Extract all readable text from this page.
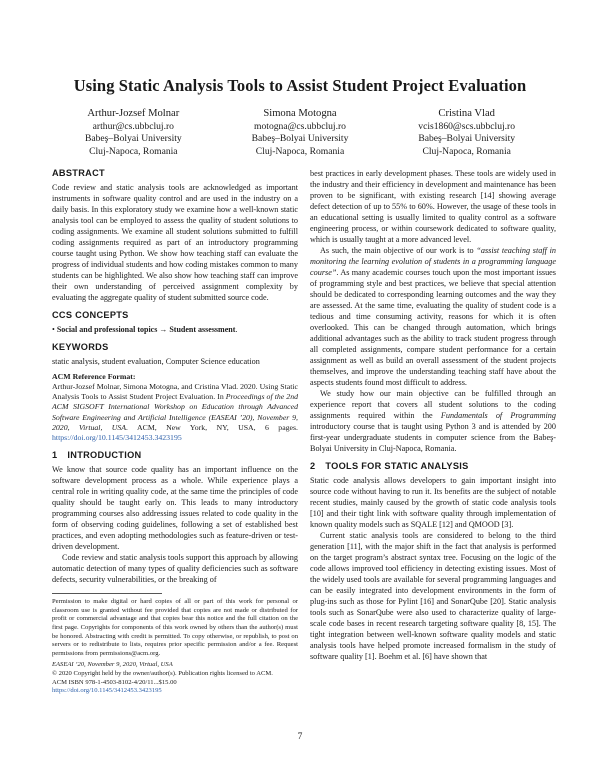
Using Static Analysis Tools to Assist Student Project Evaluation
Arthur-Jozsef Molnar
arthur@cs.ubbcluj.ro
Babeş–Bolyai University
Cluj-Napoca, Romania
Simona Motogna
motogna@cs.ubbcluj.ro
Babeş–Bolyai University
Cluj-Napoca, Romania
Cristina Vlad
vcis1860@scs.ubbcluj.ro
Babeş–Bolyai University
Cluj-Napoca, Romania
ABSTRACT

Code review and static analysis tools are acknowledged as important instruments in software quality control and are used in the industry on a daily basis. In this exploratory study we examine how a well-known static analysis tool can be employed to assess the quality of student solutions to coding assignments. We examine all student solutions submitted to fulfill coding assignments required as part of an introductory programming course taught using Python. We show how teaching staff can evaluate the progress of individual students and how coding mistakes common to many students can be highlighted. We also show how teaching staff can improve their own understanding of perceived assignment complexity by evaluating the aggregate quality of student submitted source code.

CCS CONCEPTS

• Social and professional topics → Student assessment.

KEYWORDS

static analysis, student evaluation, Computer Science education

ACM Reference Format:

Arthur-Jozsef Molnar, Simona Motogna, and Cristina Vlad. 2020. Using Static Analysis Tools to Assist Student Project Evaluation. In Proceedings of the 2nd ACM SIGSOFT International Workshop on Education through Advanced Software Engineering and Artificial Intelligence (EASEAI ’20), November 9, 2020, Virtual, USA. ACM, New York, NY, USA, 6 pages. https://doi.org/10.1145/3412453.3423195

1 INTRODUCTION

We know that source code quality has an important influence on the software development process as a whole. While experience plays a central role in writing quality code, at the same time the principles of code quality should be taught early on. This leads to many introductory programming courses also addressing issues related to code quality in the form of observing coding guidelines, following a set of established best practices, and even adopting methodologies such as feature-driven or test-driven development.

Code review and static analysis tools support this approach by allowing automatic detection of many types of quality deficiencies such as software defects, security vulnerabilities, or the breaking of

Permission to make digital or hard copies of all or part of this work for personal or classroom use is granted without fee provided that copies are not made or distributed for profit or commercial advantage and that copies bear this notice and the full citation on the first page. Copyrights for components of this work owned by others than the author(s) must be honored. Abstracting with credit is permitted. To copy otherwise, or republish, to post on servers or to redistribute to lists, requires prior specific permission and/or a fee. Request permissions from permissions@acm.org.

EASEAI ’20, November 9, 2020, Virtual, USA
© 2020 Copyright held by the owner/author(s). Publication rights licensed to ACM.
ACM ISBN 978-1-4503-8102-4/20/11...$15.00
https://doi.org/10.1145/3412453.3423195

best practices in early development phases. These tools are widely used in the industry and their efficiency in development and maintenance has been proven to be significant, with existing research [14] showing average defect detection of up to 55% to 60%. However, the usage of these tools in an educational setting is usually limited to quality control as a software engineering process, or within coursework dedicated to software quality, which is usually taught at a more advanced level.

As such, the main objective of our work is to “assist teaching staff in monitoring the learning evolution of students in a programming language course”. As many academic courses touch upon the most important issues of programming style and best practices, we believe that special attention should be dedicated to corresponding learning outcomes and the way they are assessed. At the same time, evaluating the quality of student code is a tedious and time consuming activity, reasons for which it is often overlooked. This can be changed through automation, which brings additional advantages such as the ability to track student progress through all completed assignments, compare student performance for a certain assignment as well as build an overall assessment of the student projects themselves, and improve the understanding teaching staff have about the aspects students found most difficult to address.

We study how our main objective can be fulfilled through an experience report that covers all student solutions to the coding assignments required within the Fundamentals of Programming introductory course that is taught using Python 3 and is attended by 200 first-year undergraduate students in computer science from the Babeş-Bolyai University in Cluj-Napoca, Romania.

2 TOOLS FOR STATIC ANALYSIS

Static code analysis allows developers to gain important insight into source code without having to run it. Its benefits are the subject of notable recent studies, mainly caused by the growth of static code analysis tools [10] and their tight link with software quality through implementation of known quality models such as SQALE [12] and QMOOD [3].

Current static analysis tools are considered to belong to the third generation [11], with the major shift in the fact that analysis is performed on the target program’s abstract syntax tree. Focusing on the logic of the code allows improved tool efficiency in detecting existing issues. Most of the widely used tools are available for several programming languages and can be easily integrated into development environments in the form of plug-ins such as those for Pylint [16] and SonarQube [20]. Static analysis tools such as SonarQube were also used to characterize quality of large-scale code bases in recent research targeting software quality [8, 15]. The tight integration between well-known software quality models and static analysis tools have helped promote increased formalism in the study of software quality [1]. Boehm et al. [6] have shown that

7
